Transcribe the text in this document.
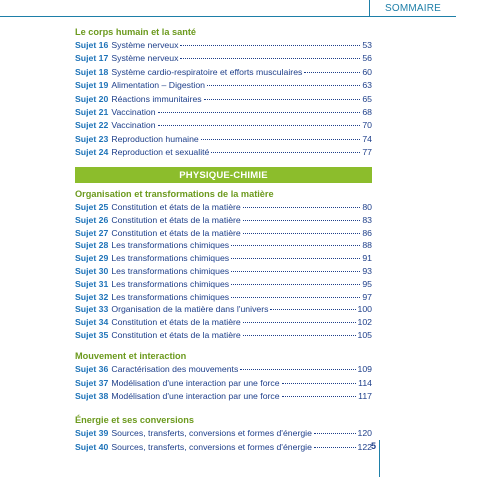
SOMMAIRE
Le corps humain et la santé
Sujet 16 Système nerveux	53
Sujet 17 Système nerveux	56
Sujet 18 Système cardio-respiratoire et efforts musculaires	60
Sujet 19 Alimentation – Digestion	63
Sujet 20 Réactions immunitaires	65
Sujet 21 Vaccination	68
Sujet 22 Vaccination	70
Sujet 23 Reproduction humaine	74
Sujet 24 Reproduction et sexualité	77
PHYSIQUE-CHIMIE
Organisation et transformations de la matière
Sujet 25 Constitution et états de la matière	80
Sujet 26 Constitution et états de la matière	83
Sujet 27 Constitution et états de la matière	86
Sujet 28 Les transformations chimiques	88
Sujet 29 Les transformations chimiques	91
Sujet 30 Les transformations chimiques	93
Sujet 31 Les transformations chimiques	95
Sujet 32 Les transformations chimiques	97
Sujet 33 Organisation de la matière dans l'univers	100
Sujet 34 Constitution et états de la matière	102
Sujet 35 Constitution et états de la matière	105
Mouvement et interaction
Sujet 36 Caractérisation des mouvements	109
Sujet 37 Modélisation d'une interaction par une force	114
Sujet 38 Modélisation d'une interaction par une force	117
Énergie et ses conversions
Sujet 39 Sources, transferts, conversions et formes d'énergie	120
Sujet 40 Sources, transferts, conversions et formes d'énergie	122 5
